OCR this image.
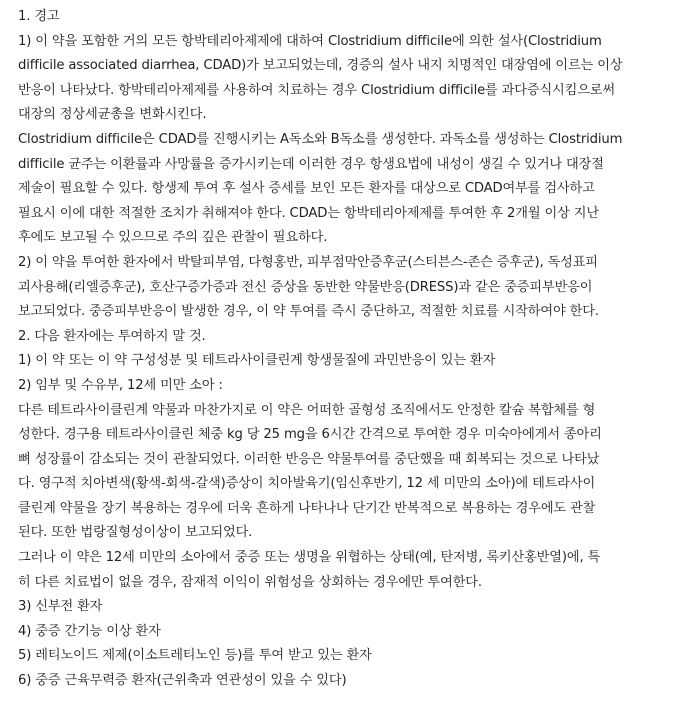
1. 경고
1) 이 약을 포함한 거의 모든 항박테리아제제에 대하여 Clostridium difficile에 의한 설사(Clostridium
difficile associated diarrhea, CDAD)가 보고되었는데, 경증의 설사 내지 치명적인 대장염에 이르는 이상
반응이 나타났다. 항박테리아제제를 사용하여 치료하는 경우 Clostridium difficile를 과다증식시킴으로써
대장의 정상세균총을 변화시킨다.
Clostridium difficile은 CDAD를 진행시키는 A독소와 B독소를 생성한다. 과독소를 생성하는 Clostridium
difficile 균주는 이환률과 사망률을 증가시키는데 이러한 경우 항생요법에 내성이 생길 수 있거나 대장절
제술이 필요할 수 있다. 항생제 투여 후 설사 증세를 보인 모든 환자를 대상으로 CDAD여부를 검사하고
필요시 이에 대한 적절한 조치가 취해져야 한다. CDAD는 항박테리아제제를 투여한 후 2개월 이상 지난
후에도 보고될 수 있으므로 주의 깊은 관찰이 필요하다.
2) 이 약을 투여한 환자에서 박탈피부염, 다형홍반, 피부점막안증후군(스티븐스-존슨 증후군), 독성표피
괴사용해(리엘증후군), 호산구증가증과 전신 증상을 동반한 약물반응(DRESS)과 같은 중증피부반응이
보고되었다. 중증피부반응이 발생한 경우, 이 약 투여를 즉시 중단하고, 적절한 치료를 시작하여야 한다.
2. 다음 환자에는 투여하지 말 것.
1) 이 약 또는 이 약 구성성분 및 테트라사이클린계 항생물질에 과민반응이 있는 환자
2) 임부 및 수유부, 12세 미만 소아 :
다른 테트라사이클린계 약물과 마찬가지로 이 약은 어떠한 골형성 조직에서도 안정한 칼슘 복합체를 형
성한다. 경구용 테트라사이클린 체중 kg 당 25 mg을 6시간 간격으로 투여한 경우 미숙아에게서 종아리
뼈 성장률이 감소되는 것이 관찰되었다. 이러한 반응은 약물투여를 중단했을 때 회복되는 것으로 나타났
다. 영구적 치아변색(황색-회색-갈색)증상이 치아발육기(임신후반기, 12 세 미만의 소아)에 테트라사이
클린계 약물을 장기 복용하는 경우에 더욱 흔하게 나타나나 단기간 반복적으로 복용하는 경우에도 관찰
된다. 또한 법랑질형성이상이 보고되었다.
그러나 이 약은 12세 미만의 소아에서 중증 또는 생명을 위협하는 상태(예, 탄저병, 록키산홍반열)에, 특
히 다른 치료법이 없을 경우, 잠재적 이익이 위험성을 상회하는 경우에만 투여한다.
3) 신부전 환자
4) 중증 간기능 이상 환자
5) 레티노이드 제제(이소트레티노인 등)를 투여 받고 있는 환자
6) 중증 근육무력증 환자(근위축과 연관성이 있을 수 있다)
